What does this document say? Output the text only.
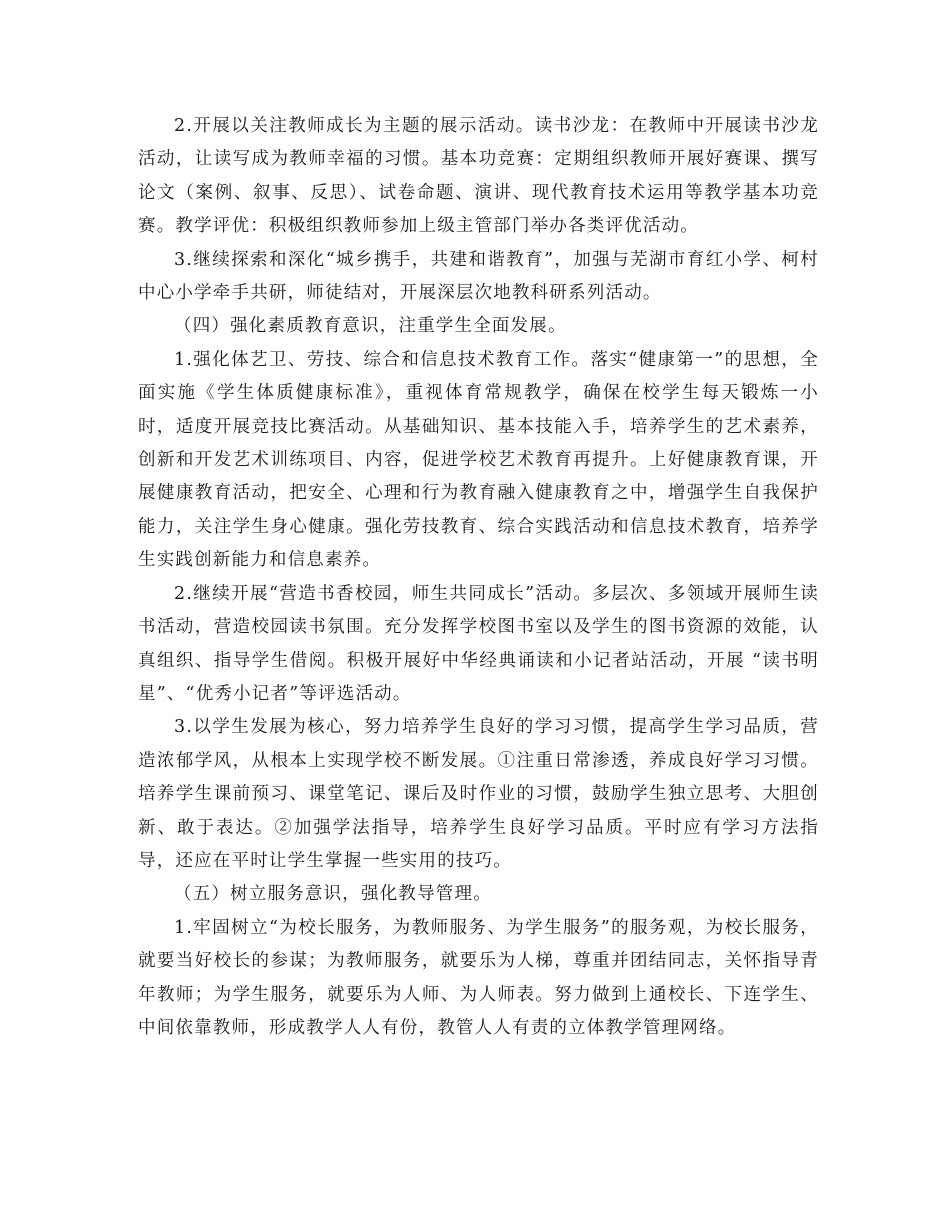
2.开展以关注教师成长为主题的展示活动。读书沙龙：在教师中开展读书沙龙活动，让读写成为教师幸福的习惯。基本功竞赛：定期组织教师开展好赛课、撰写论文（案例、叙事、反思）、试卷命题、演讲、现代教育技术运用等教学基本功竞赛。教学评优：积极组织教师参加上级主管部门举办各类评优活动。

3.继续探索和深化“城乡携手，共建和谐教育”，加强与芜湖市育红小学、柯村中心小学牵手共研，师徒结对，开展深层次地教科研系列活动。

（四）强化素质教育意识，注重学生全面发展。

1.强化体艺卫、劳技、综合和信息技术教育工作。落实“健康第一”的思想，全面实施《学生体质健康标准》，重视体育常规教学，确保在校学生每天锻炼一小时，适度开展竞技比赛活动。从基础知识、基本技能入手，培养学生的艺术素养，创新和开发艺术训练项目、内容，促进学校艺术教育再提升。上好健康教育课，开展健康教育活动，把安全、心理和行为教育融入健康教育之中，增强学生自我保护能力，关注学生身心健康。强化劳技教育、综合实践活动和信息技术教育，培养学生实践创新能力和信息素养。

2.继续开展“营造书香校园，师生共同成长”活动。多层次、多领域开展师生读书活动，营造校园读书氛围。充分发挥学校图书室以及学生的图书资源的效能，认真组织、指导学生借阅。积极开展好中华经典诵读和小记者站活动，开展 “读书明星”、“优秀小记者”等评选活动。

3.以学生发展为核心，努力培养学生良好的学习习惯，提高学生学习品质，营造浓郁学风，从根本上实现学校不断发展。①注重日常渗透，养成良好学习习惯。培养学生课前预习、课堂笔记、课后及时作业的习惯，鼓励学生独立思考、大胆创新、敢于表达。②加强学法指导，培养学生良好学习品质。平时应有学习方法指导，还应在平时让学生掌握一些实用的技巧。

（五）树立服务意识，强化教导管理。

1.牢固树立“为校长服务，为教师服务、为学生服务”的服务观，为校长服务，就要当好校长的参谋；为教师服务，就要乐为人梯，尊重并团结同志，关怀指导青年教师；为学生服务，就要乐为人师、为人师表。努力做到上通校长、下连学生、中间依靠教师，形成教学人人有份，教管人人有责的立体教学管理网络。
